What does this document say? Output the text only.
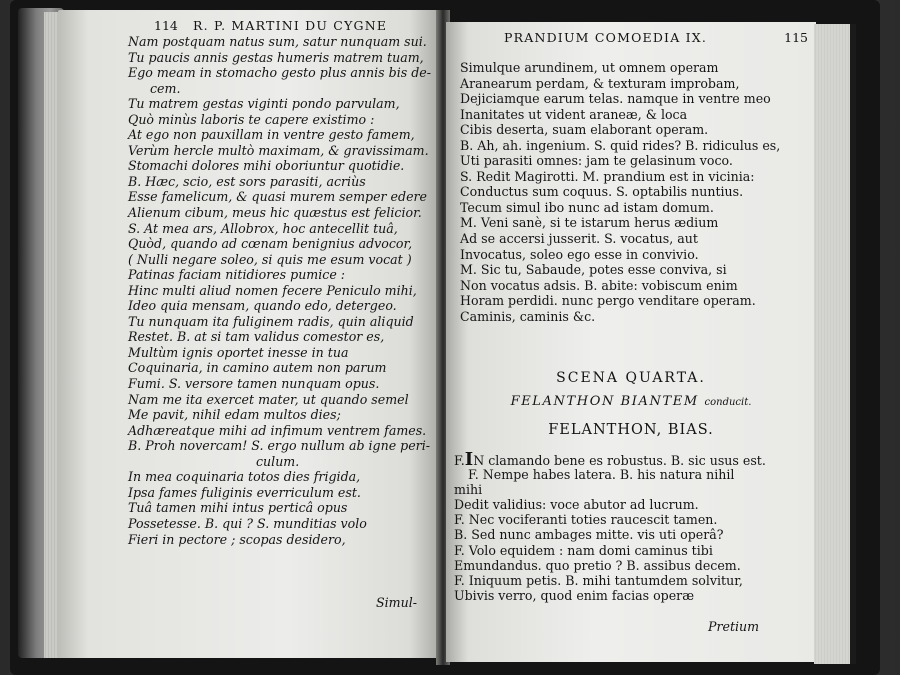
114 R. P. MARTINI DU CYGNE
Nam postquam natus sum, satur nunquam sui.
Tu paucis annis gestas humeris matrem tuam,
Ego meam in stomacho gesto plus annis bis de-
cem.
Tu matrem gestas viginti pondo parvulam,
Quò minùs laboris te capere existimo :
At ego non pauxillam in ventre gesto famem,
Verùm hercle multò maximam, & gravissimam.
Stomachi dolores mihi oboriuntur quotidie.
B. Hæc, scio, est sors parasiti, acriùs
Esse famelicum, & quasi murem semper edere
Alienum cibum, meus hic quæstus est felicior.
S. At mea ars, Allobrox, hoc antecellit tuâ,
Quòd, quando ad cœnam benignius advocor,
( Nulli negare soleo, si quis me esum vocat )
Patinas faciam nitidiores pumice :
Hinc multi aliud nomen fecere Peniculo mihi,
Ideo quia mensam, quando edo, detergeo.
Tu nunquam ita fuliginem radis, quin aliquid
Restet. B. at si tam validus comestor es,
Multùm ignis oportet inesse in tua
Coquinaria, in camino autem non parum
Fumi. S. versore tamen nunquam opus.
Nam me ita exercet mater, ut quando semel
Me pavit, nihil edam multos dies;
Adhæreatque mihi ad infimum ventrem fames.
B. Proh novercam! S. ergo nullum ab igne peri-
culum.
In mea coquinaria totos dies frigida,
Ipsa fames fuliginis everriculum est.
Tuâ tamen mihi intus perticâ opus
Possetesse. B. qui ? S. munditias volo
Fieri in pectore ; scopas desidero,
Simul-
PRANDIUM COMOEDIA IX.	115
Simulque arundinem, ut omnem operam
Aranearum perdam, & texturam improbam,
Dejiciamque earum telas. namque in ventre meo
Inanitates ut vident araneæ, & loca
Cibis deserta, suam elaborant operam.
B. Ah, ah. ingenium. S. quid rides? B. ridiculus es,
Uti parasiti omnes: jam te gelasinum voco.
S. Redit Magirotti. M. prandium est in vicinia:
Conductus sum coquus. S. optabilis nuntius.
Tecum simul ibo nunc ad istam domum.
M. Veni sanè, si te istarum herus ædium
Ad se accersi jusserit. S. vocatus, aut
Invocatus, soleo ego esse in convivio.
M. Sic tu, Sabaude, potes esse conviva, si
Non vocatus adsis. B. abite: vobiscum enim
Horam perdidi. nunc pergo venditare operam.
Caminis, caminis &c.
SCENA QUARTA.
FELANTHON BIANTEM conducit.
FELANTHON, BIAS.
F.IN clamando bene es robustus. B. sic usus est.
F. Nempe habes latera. B. his natura nihil
mihi
Dedit validius: voce abutor ad lucrum.
F. Nec vociferanti toties raucescit tamen.
B. Sed nunc ambages mitte. vis uti operâ?
F. Volo equidem : nam domi caminus tibi
Emundandus. quo pretio ? B. assibus decem.
F. Iniquum petis. B. mihi tantumdem solvitur,
Ubivis verro, quod enim facias operæ
Pretium
